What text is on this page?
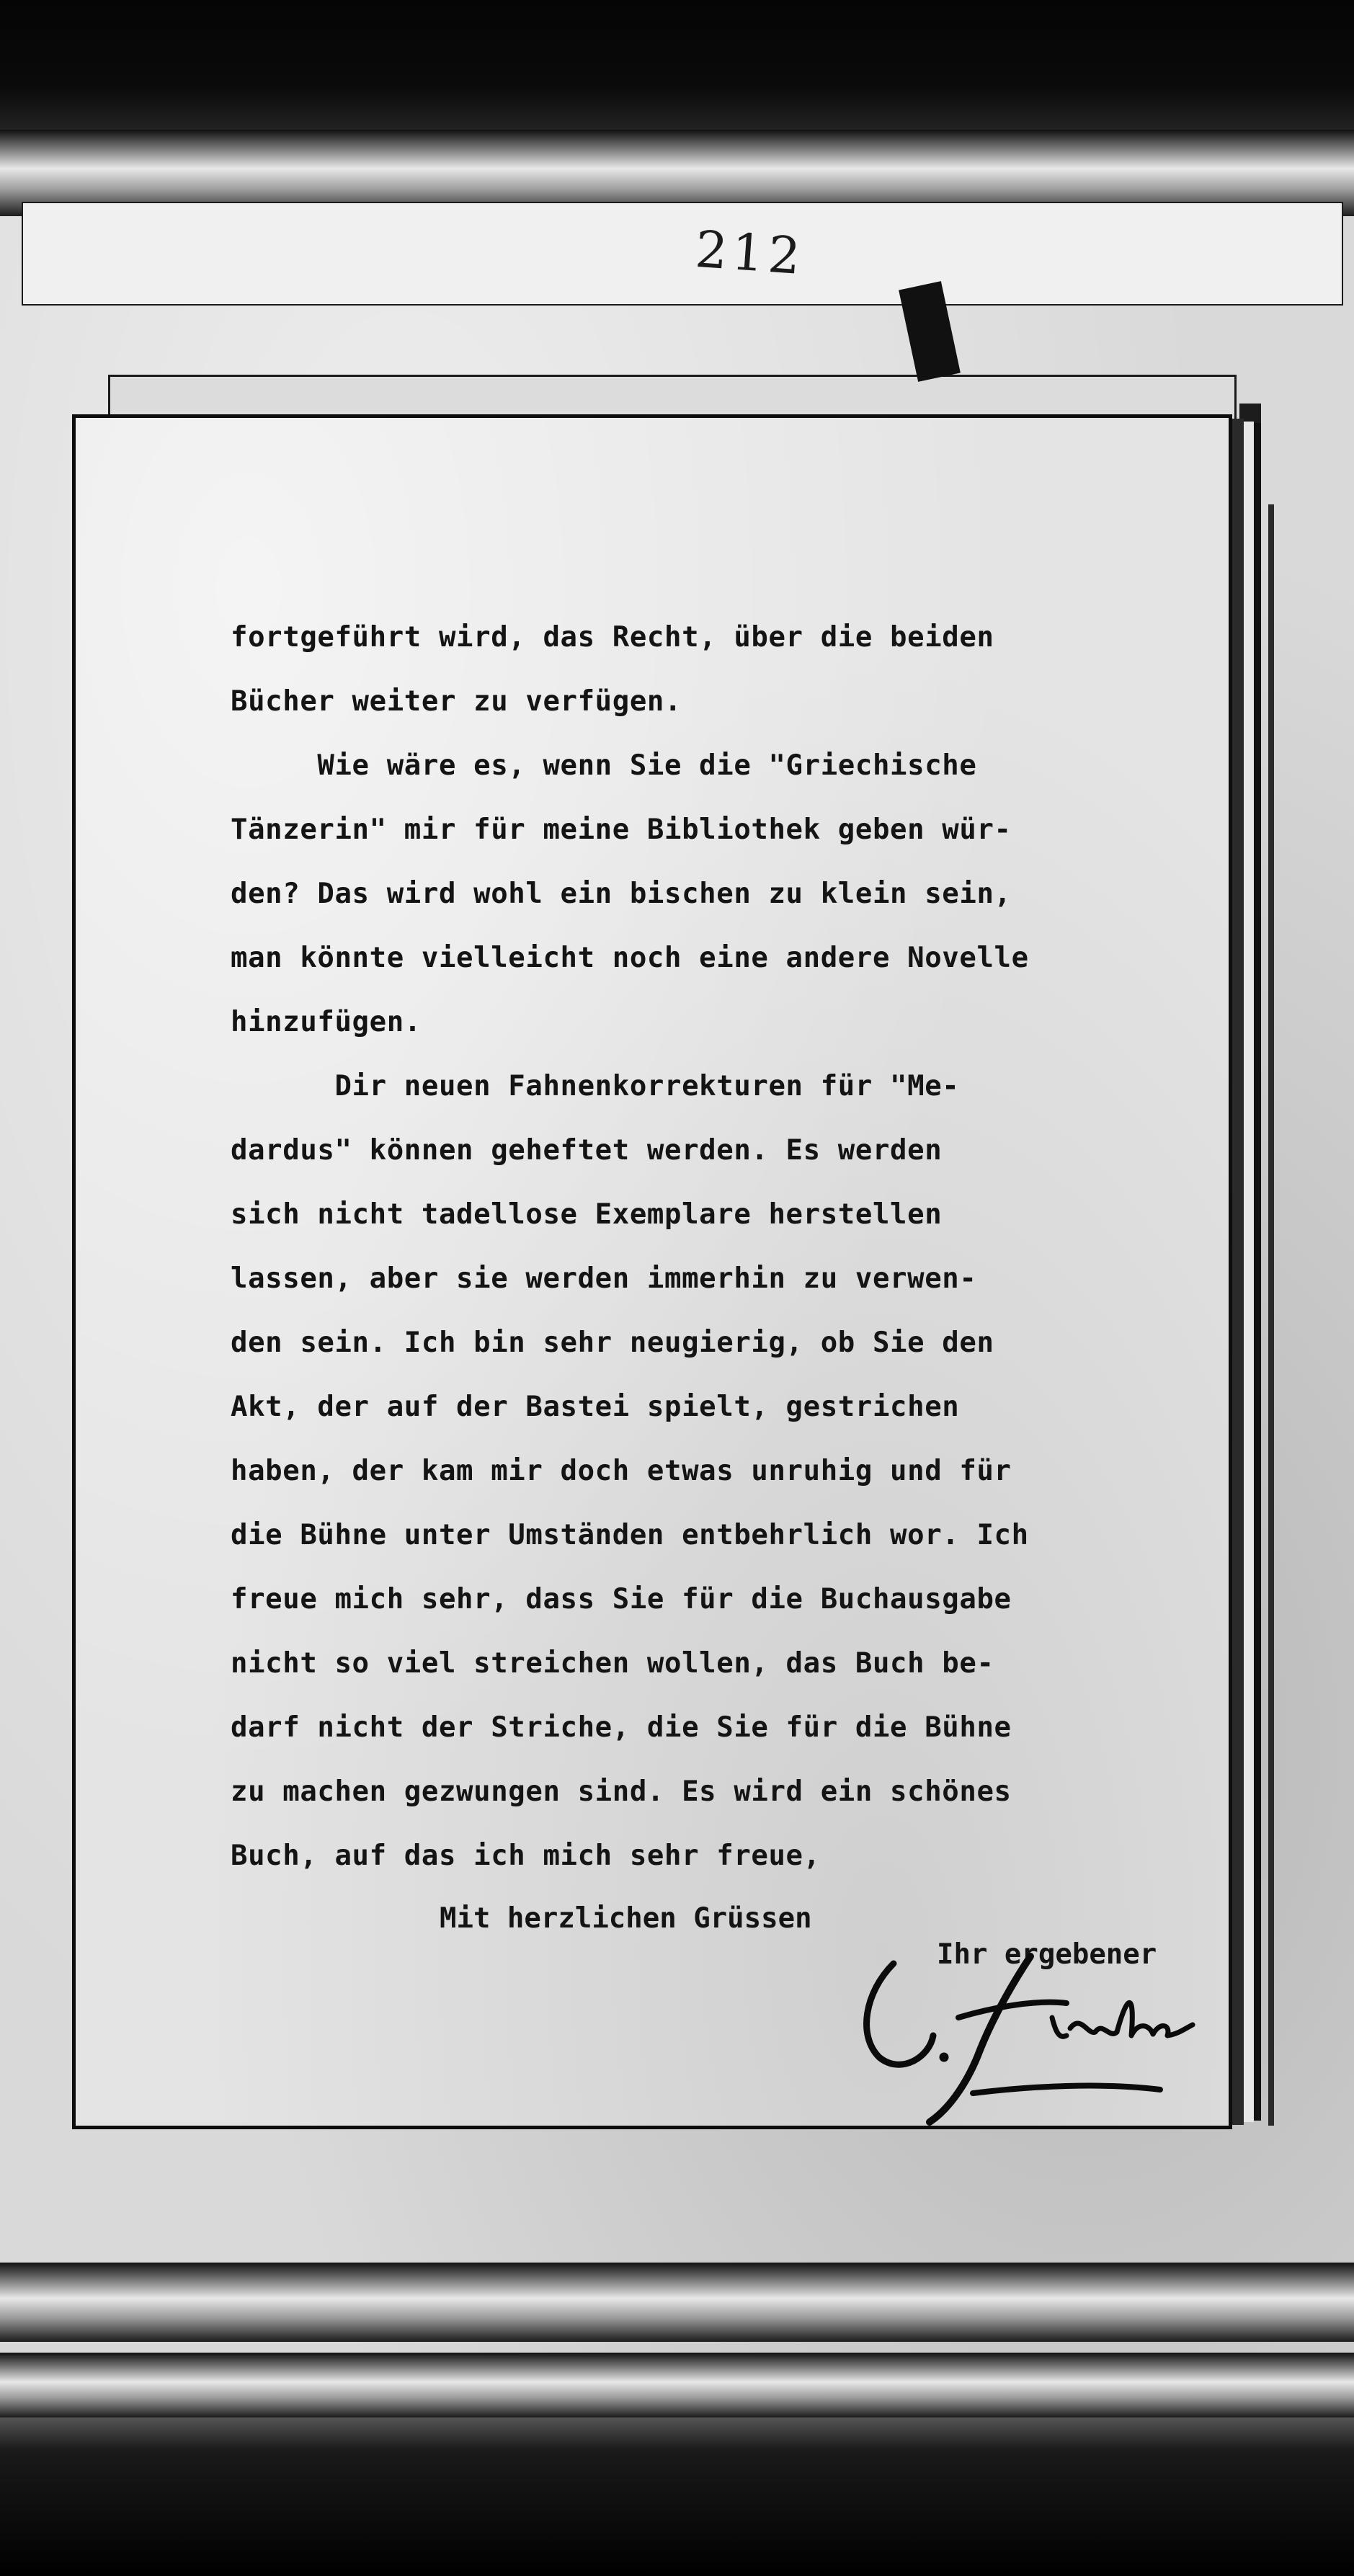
212
fortgeführt wird, das Recht, über die beiden
Bücher weiter zu verfügen.
Wie wäre es, wenn Sie die "Griechische
Tänzerin" mir für meine Bibliothek geben wür-
den? Das wird wohl ein bischen zu klein sein,
man könnte vielleicht noch eine andere Novelle
hinzufügen.
Dir neuen Fahnenkorrekturen für "Me-
dardus" können geheftet werden. Es werden
sich nicht tadellose Exemplare herstellen
lassen, aber sie werden immerhin zu verwen-
den sein. Ich bin sehr neugierig, ob Sie den
Akt, der auf der Bastei spielt, gestrichen
haben, der kam mir doch etwas unruhig und für
die Bühne unter Umständen entbehrlich wor. Ich
freue mich sehr, dass Sie für die Buchausgabe
nicht so viel streichen wollen, das Buch be-
darf nicht der Striche, die Sie für die Bühne
zu machen gezwungen sind. Es wird ein schönes
Buch, auf das ich mich sehr freue,
Mit herzlichen Grüssen
Ihr ergebener
